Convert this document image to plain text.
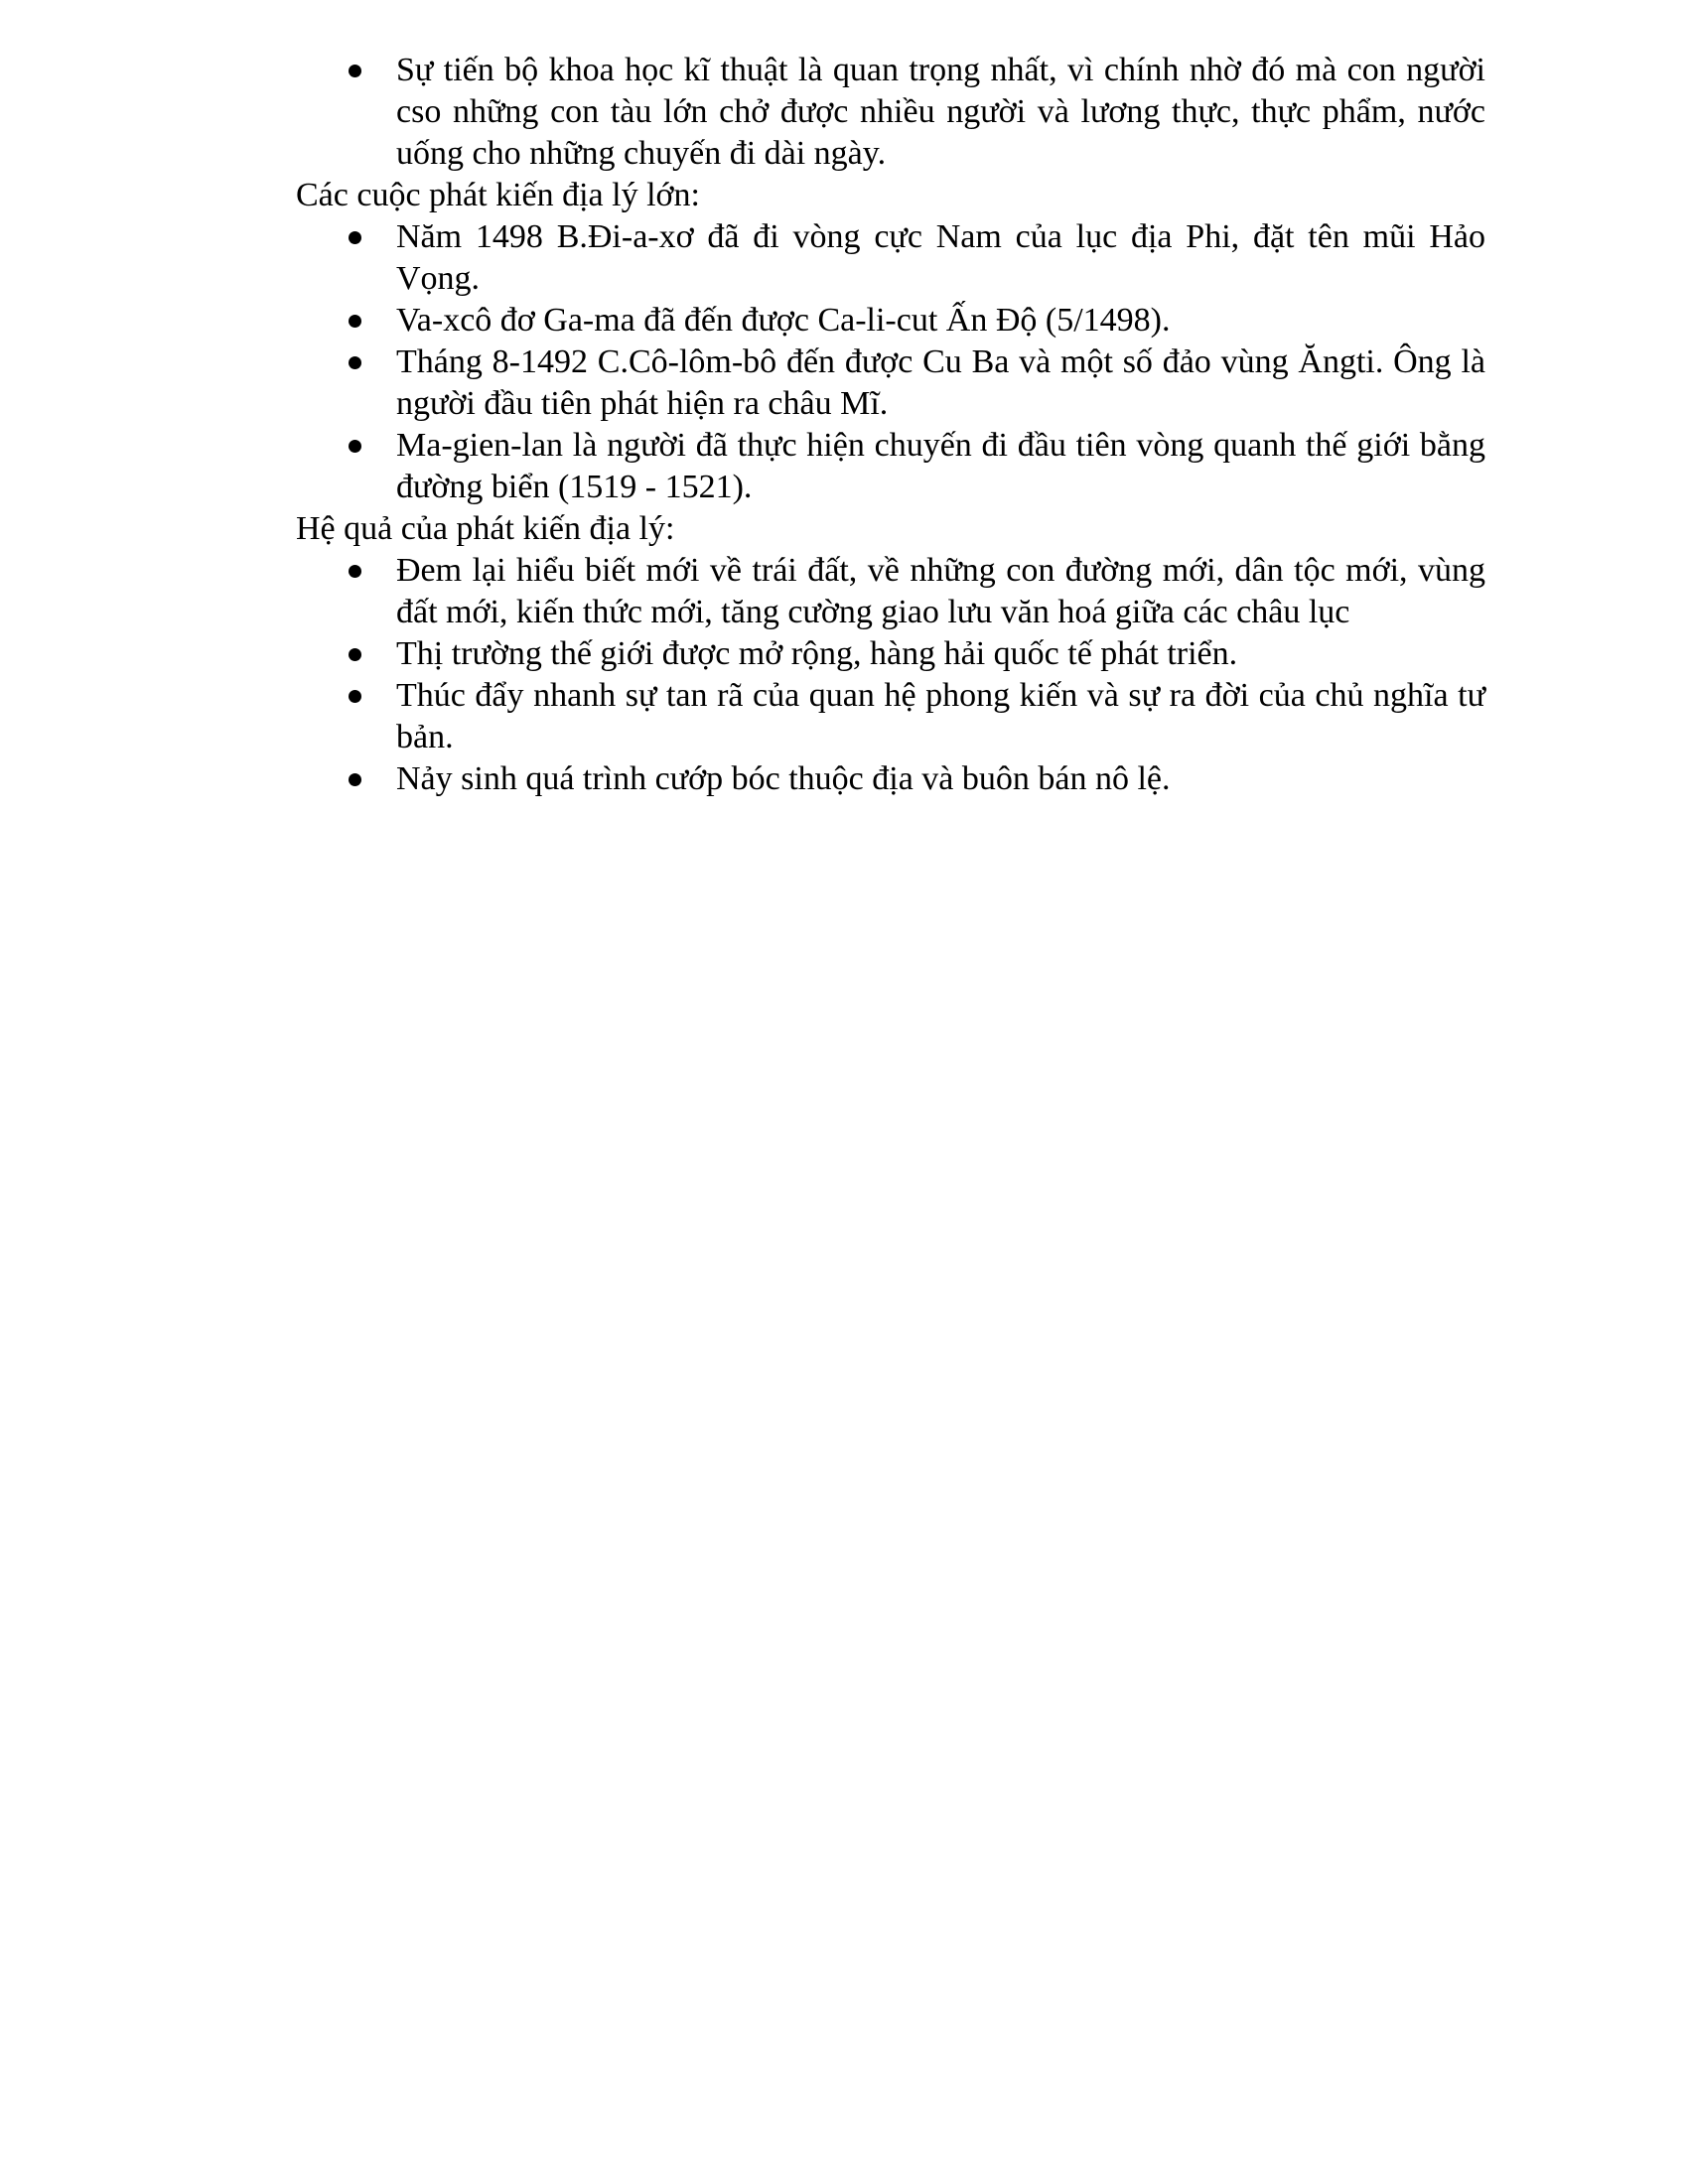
Sự tiến bộ khoa học kĩ thuật là quan trọng nhất, vì chính nhờ đó mà con người cso những con tàu lớn chở được nhiều người và lương thực, thực phẩm, nước uống cho những chuyến đi dài ngày.

Các cuộc phát kiến địa lý lớn:

Năm 1498 B.Đi-a-xơ đã đi vòng cực Nam của lục địa Phi, đặt tên mũi Hảo Vọng.
Va-xcô đơ Ga-ma đã đến được Ca-li-cut Ấn Độ (5/1498).
Tháng 8-1492 C.Cô-lôm-bô đến được Cu Ba và một số đảo vùng Ăngti. Ông là người đầu tiên phát hiện ra châu Mĩ.
Ma-gien-lan là người đã thực hiện chuyến đi đầu tiên vòng quanh thế giới bằng đường biển (1519 - 1521).

Hệ quả của phát kiến địa lý:

Đem lại hiểu biết mới về trái đất, về những con đường mới, dân tộc mới, vùng đất mới, kiến thức mới, tăng cường giao lưu văn hoá giữa các châu lục
Thị trường thế giới được mở rộng, hàng hải quốc tế phát triển.
Thúc đẩy nhanh sự tan rã của quan hệ phong kiến và sự ra đời của chủ nghĩa tư bản.
Nảy sinh quá trình cướp bóc thuộc địa và buôn bán nô lệ.
